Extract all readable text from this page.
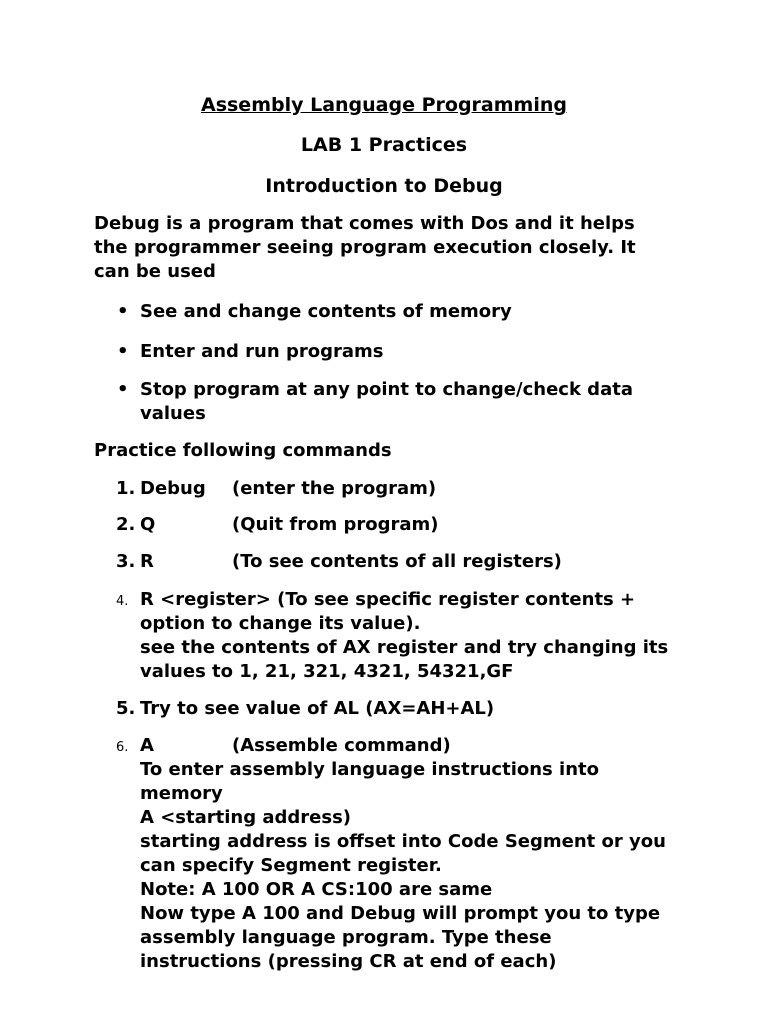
Assembly Language Programming
LAB 1 Practices
Introduction to Debug
Debug is a program that comes with Dos and it helps
the programmer seeing program execution closely. It
can be used
• See and change contents of memory
• Enter and run programs
• Stop program at any point to change/check data
values
Practice following commands
1. Debug (enter the program)
2. Q	(Quit from program)
3. R	(To see contents of all registers)
4. R <register> (To see specific register contents +
option to change its value).
see the contents of AX register and try changing its
values to 1, 21, 321, 4321, 54321,GF
5. Try to see value of AL (AX=AH+AL)
6. A	(Assemble command)
To enter assembly language instructions into
memory
A <starting address)
starting address is offset into Code Segment or you
can specify Segment register.
Note: A 100 OR A CS:100 are same
Now type A 100 and Debug will prompt you to type
assembly language program. Type these
instructions (pressing CR at end of each)
